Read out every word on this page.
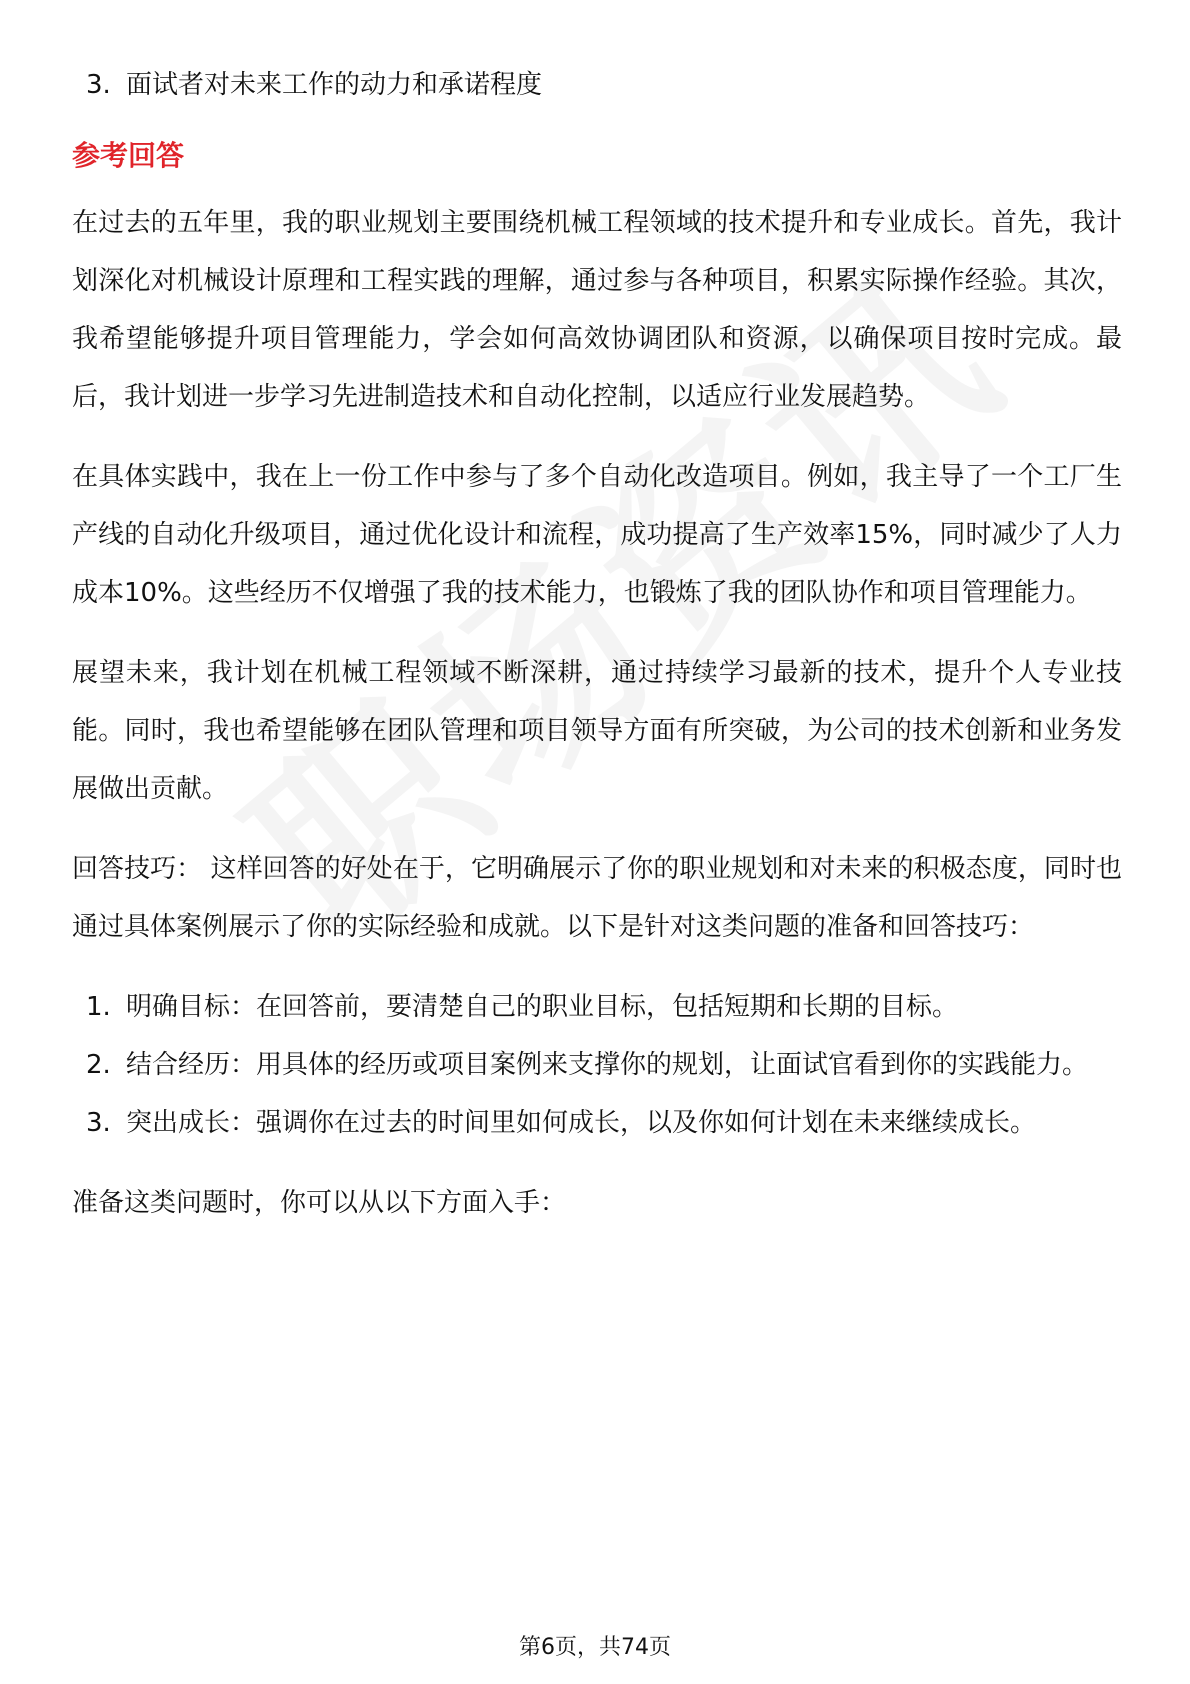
3. 面试者对未来工作的动力和承诺程度

参考回答

在过去的五年里，我的职业规划主要围绕机械工程领域的技术提升和专业成长。首先，我计划深化对机械设计原理和工程实践的理解，通过参与各种项目，积累实际操作经验。其次，我希望能够提升项目管理能力，学会如何高效协调团队和资源，以确保项目按时完成。最后，我计划进一步学习先进制造技术和自动化控制，以适应行业发展趋势。

在具体实践中，我在上一份工作中参与了多个自动化改造项目。例如，我主导了一个工厂生产线的自动化升级项目，通过优化设计和流程，成功提高了生产效率15%，同时减少了人力成本10%。这些经历不仅增强了我的技术能力，也锻炼了我的团队协作和项目管理能力。

展望未来，我计划在机械工程领域不断深耕，通过持续学习最新的技术，提升个人专业技能。同时，我也希望能够在团队管理和项目领导方面有所突破，为公司的技术创新和业务发展做出贡献。

回答技巧： 这样回答的好处在于，它明确展示了你的职业规划和对未来的积极态度，同时也通过具体案例展示了你的实际经验和成就。以下是针对这类问题的准备和回答技巧：

1. 明确目标：在回答前，要清楚自己的职业目标，包括短期和长期的目标。

2. 结合经历：用具体的经历或项目案例来支撑你的规划，让面试官看到你的实践能力。

3. 突出成长：强调你在过去的时间里如何成长，以及你如何计划在未来继续成长。

准备这类问题时，你可以从以下方面入手：

第6页，共74页
